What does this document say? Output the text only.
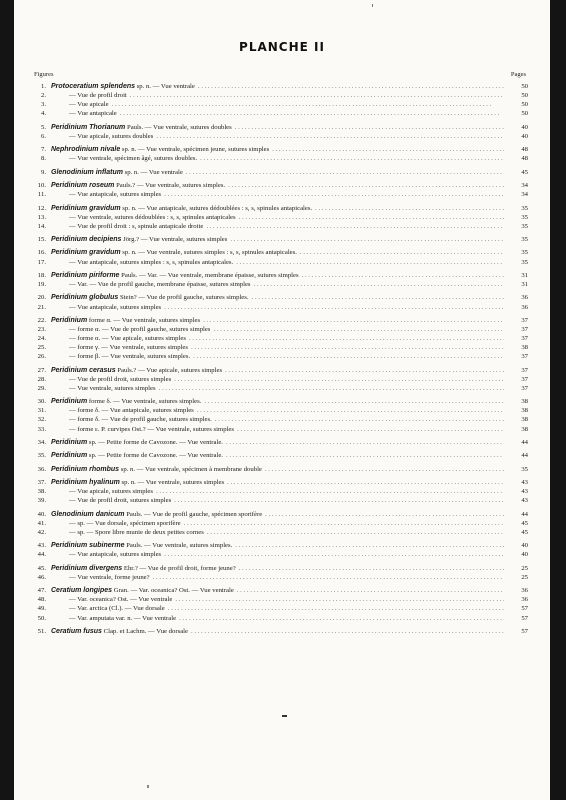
PLANCHE II
Figures	Pages
1. Protoceratium splendens sp. n. — Vue ventrale . . .	50
2.	— Vue de profil droit . . .	50
3.	— Vue apicale . . .	50
4.	— Vue antapicale . . .	50
5. Peridinium Thorianum Pauls. — Vue ventrale, sutures doubles . . .	40
6.	— Vue apicale, sutures doubles . . .	40
7. Nephrodinium nivale sp. n. — Vue ventrale, spécimen jeune, sutures simples . . .	48
8.	— Vue ventrale, spécimen âgé, sutures doubles. . . .	48
9. Glenodinium inflatum sp. n. — Vue ventrale . . .	45
10. Peridinium roseum Pauls.? — Vue ventrale, sutures simples. . . .	34
11.	— Vue antapicale, sutures simples . . .	34
12. Peridinium gravidum sp. n. — Vue antapicale, sutures dédoublées : s, s, spinules antapicales. . . .	35
13.	— Vue ventrale, sutures dédoublées : s, s, spinules antapicales . . .	35
14.	— Vue de profil droit : s, spinule antapicale droite . . .	35
15. Peridinium decipiens Jörg.? — Vue ventrale, sutures simples . . .	35
16. Peridinium gravidum sp. n. — Vue ventrale, sutures simples : s, s, spinules antapicales. . . .	35
17.	— Vue antapicale, sutures simples : s, s, spinules antapicales. . . .	35
18. Peridinium piriforme Pauls. — Var. — Vue ventrale, membrane épaisse, sutures simples . . .	31
19.	— Var. — Vue de profil gauche, membrane épaisse, sutures simples . . .	31
20. Peridinium globulus Stein? — Vue de profil gauche, sutures simples. . . .	36
21.	— Vue antapicale, sutures simples . . .	36
22. Peridinium forme α. — Vue ventrale, sutures simples . . .	37
23.	— forme α. — Vue de profil gauche, sutures simples . . .	37
24.	— forme α. — Vue apicale, sutures simples . . .	37
25.	— forme γ. — Vue ventrale, sutures simples . . .	38
26.	— forme β. — Vue ventrale, sutures simples. . . .	37
27. Peridinium cerasus Pauls.? — Vue apicale, sutures simples . . .	37
28.	— Vue de profil droit, sutures simples . . .	37
29.	— Vue ventrale, sutures simples . . .	37
30. Peridinium forme δ. — Vue ventrale, sutures simples. . . .	38
31.	— forme δ. — Vue antapicale, sutures simples . . .	38
32.	— forme δ. — Vue de profil gauche, sutures simples. . . .	38
33.	— forme ε. P. curvipes Ost.? — Vue ventrale, sutures simples . . .	38
34. Peridinium sp. — Petite forme de Cavozone. — Vue ventrale. . . .	44
35. Peridinium sp. — Petite forme de Cavozone. — Vue ventrale. . . .	44
36. Peridinium rhombus sp. n. — Vue ventrale, spécimen à membrane double . . .	35
37. Peridinium hyalinum sp. n. — Vue ventrale, sutures simples . . .	43
38.	— Vue apicale, sutures simples . . .	43
39.	— Vue de profil droit, sutures simples . . .	43
40. Glenodinium danicum Pauls. — Vue de profil gauche, spécimen sporifère . . .	44
41.	— sp. — Vue dorsale, spécimen sporifère . . .	45
42.	— sp. — Spore libre munie de deux petites cornes . . .	45
43. Peridinium subinerme Pauls. — Vue ventrale, sutures simples. . . .	40
44.	— Vue antapicale, sutures simples . . .	40
45. Peridinium divergens Ehr.? — Vue de profil droit, forme jeune? . . .	25
46.	— Vue ventrale, forme jeune? . . .	25
47. Ceratium longipes Gran. — Var. oceanica? Ost. — Vue ventrale . . .	36
48.	— Var. oceanica? Ost. — Vue ventrale . . .	36
49.	— Var. arctica (Cl.). — Vue dorsale . . .	57
50.	— Var. amputata var. n. — Vue ventrale . . .	57
51. Ceratium fusus Clap. et Lachm. — Vue dorsale . . .	57
